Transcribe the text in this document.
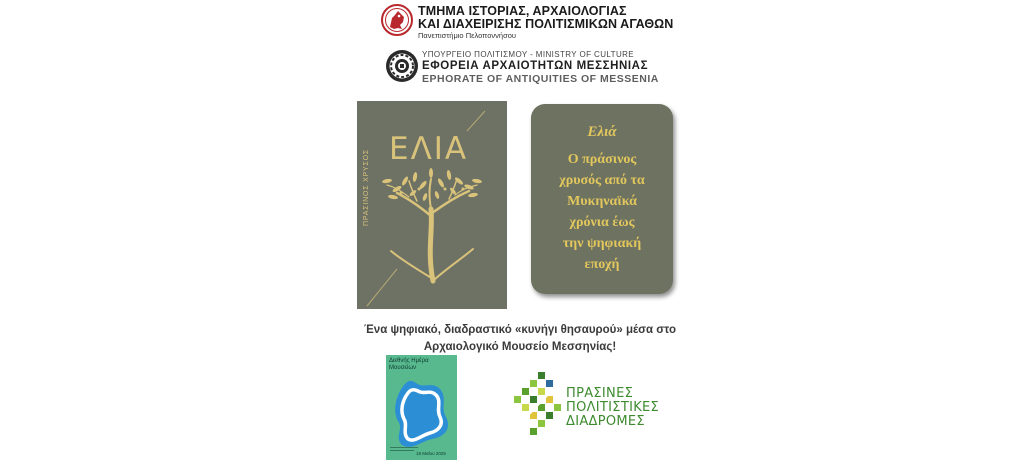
ΤΜΗΜΑ ΙΣΤΟΡΙΑΣ, ΑΡΧΑΙΟΛΟΓΙΑΣ
ΚΑΙ ΔΙΑΧΕΙΡΙΣΗΣ ΠΟΛΙΤΙΣΜΙΚΩΝ ΑΓΑΘΩΝ
Πανεπιστήμιο Πελοποννήσου
ΥΠΟΥΡΓΕΙΟ ΠΟΛΙΤΙΣΜΟΥ - MINISTRY OF CULTURE
ΕΦΟΡΕΙΑ ΑΡΧΑΙΟΤΗΤΩΝ ΜΕΣΣΗΝΙΑΣ
EPHORATE OF ANTIQUITIES OF MESSENIA
ΕΛΙΑ
ΠΡΑΣΙΝΟΣ ΧΡΥΣΟΣ
Ελιά
Ο πράσινος
χρυσός από τα
Μυκηναϊκά
χρόνια έως
την ψηφιακή
εποχή
Ένα ψηφιακό, διαδραστικό «κυνήγι θησαυρού» μέσα στο
Αρχαιολογικό Μουσείο Μεσσηνίας!
Διεθνής Ημέρα
Μουσείων
18 Μαΐου 2025
ΠΡΑΣΙΝΕΣ
ΠΟΛΙΤΙΣΤΙΚΕΣ
ΔΙΑΔΡΟΜΕΣ
